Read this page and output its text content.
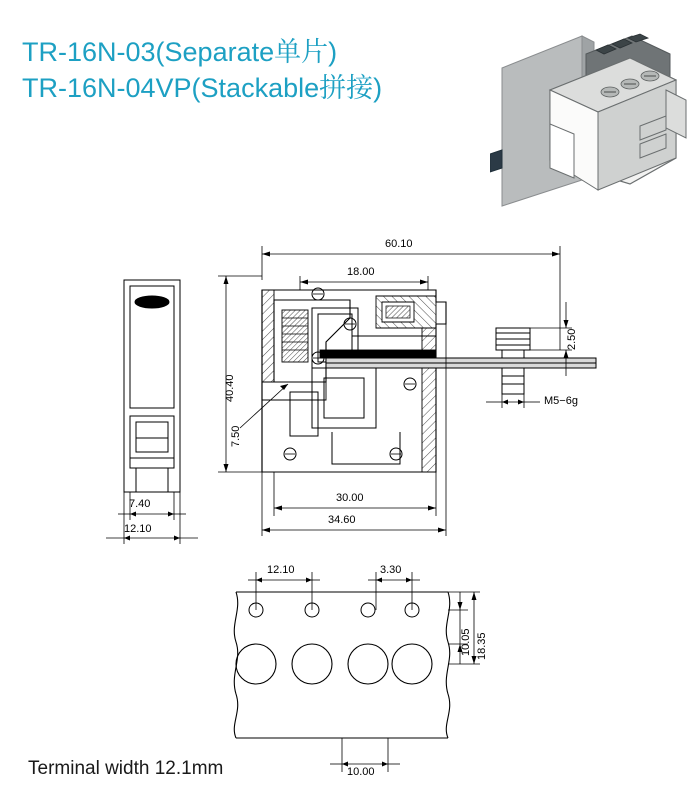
TR-16N-03(Separate单片)
TR-16N-04VP(Stackable拼接)
7.40
12.10
60.10
18.00
40.40
7.50
30.00
34.60
2.50
M5−6g
12.10	3.30
18.35
10.05
10.00
Terminal width 12.1mm
